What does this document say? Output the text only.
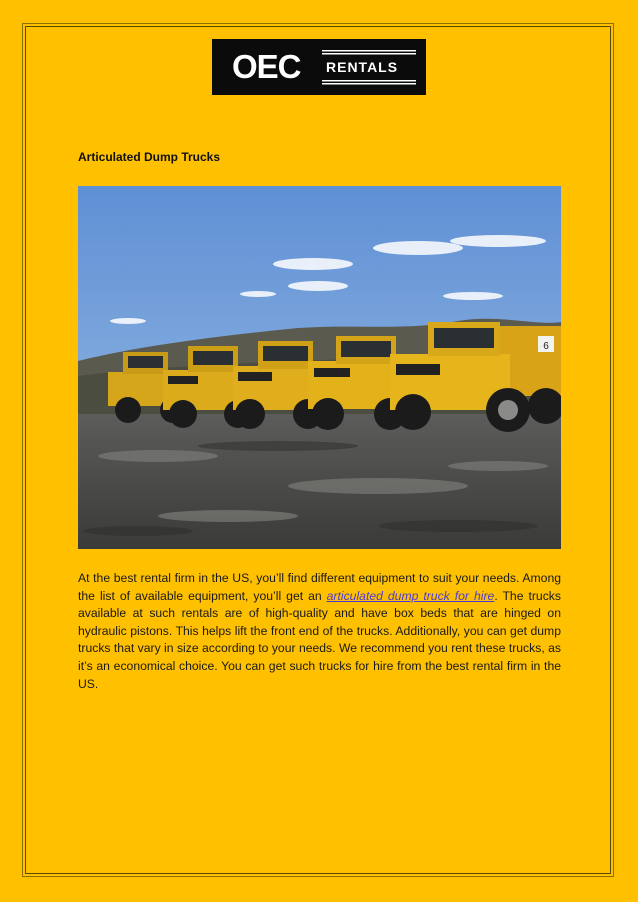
OEC RENTALS
Articulated Dump Trucks
6

At the best rental firm in the US, you’ll find different equipment to suit your needs. Among the list of available equipment, you’ll get an articulated dump truck for hire. The trucks available at such rentals are of high-quality and have box beds that are hinged on hydraulic pistons. This helps lift the front end of the trucks. Additionally, you can get dump trucks that vary in size according to your needs. We recommend you rent these trucks, as it’s an economical choice. You can get such trucks for hire from the best rental firm in the US.
